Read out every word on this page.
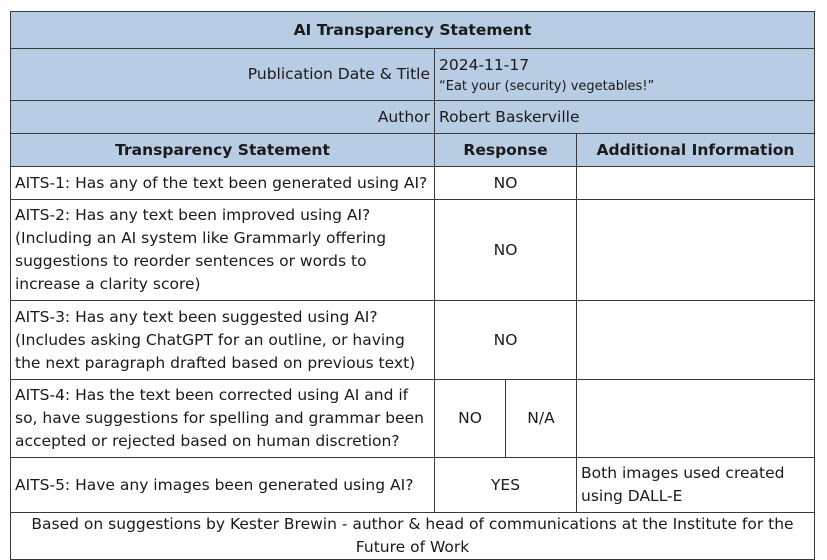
AI Transparency Statement			
Publication Date & Title	2024-11-17
“Eat your (security) vegetables!”		

Author	Robert Baskerville		
Transparency Statement	Response		Additional Information

AITS-1: Has any of the text been generated using AI?	NO		

AITS-2: Has any text been improved using AI?
(Including an AI system like Grammarly offering
suggestions to reorder sentences or words to
increase a clarity score)	NO		

AITS-3: Has any text been suggested using AI?
(Includes asking ChatGPT for an outline, or having
the next paragraph drafted based on previous text)	NO		

AITS-4: Has the text been corrected using AI and if
so, have suggestions for spelling and grammar been
accepted or rejected based on human discretion?	NO	N/A	

AITS-5: Have any images been generated using AI?	YES		Both images used created
using DALL-E

Based on suggestions by Kester Brewin - author & head of communications at the Institute for the Future of Work			
